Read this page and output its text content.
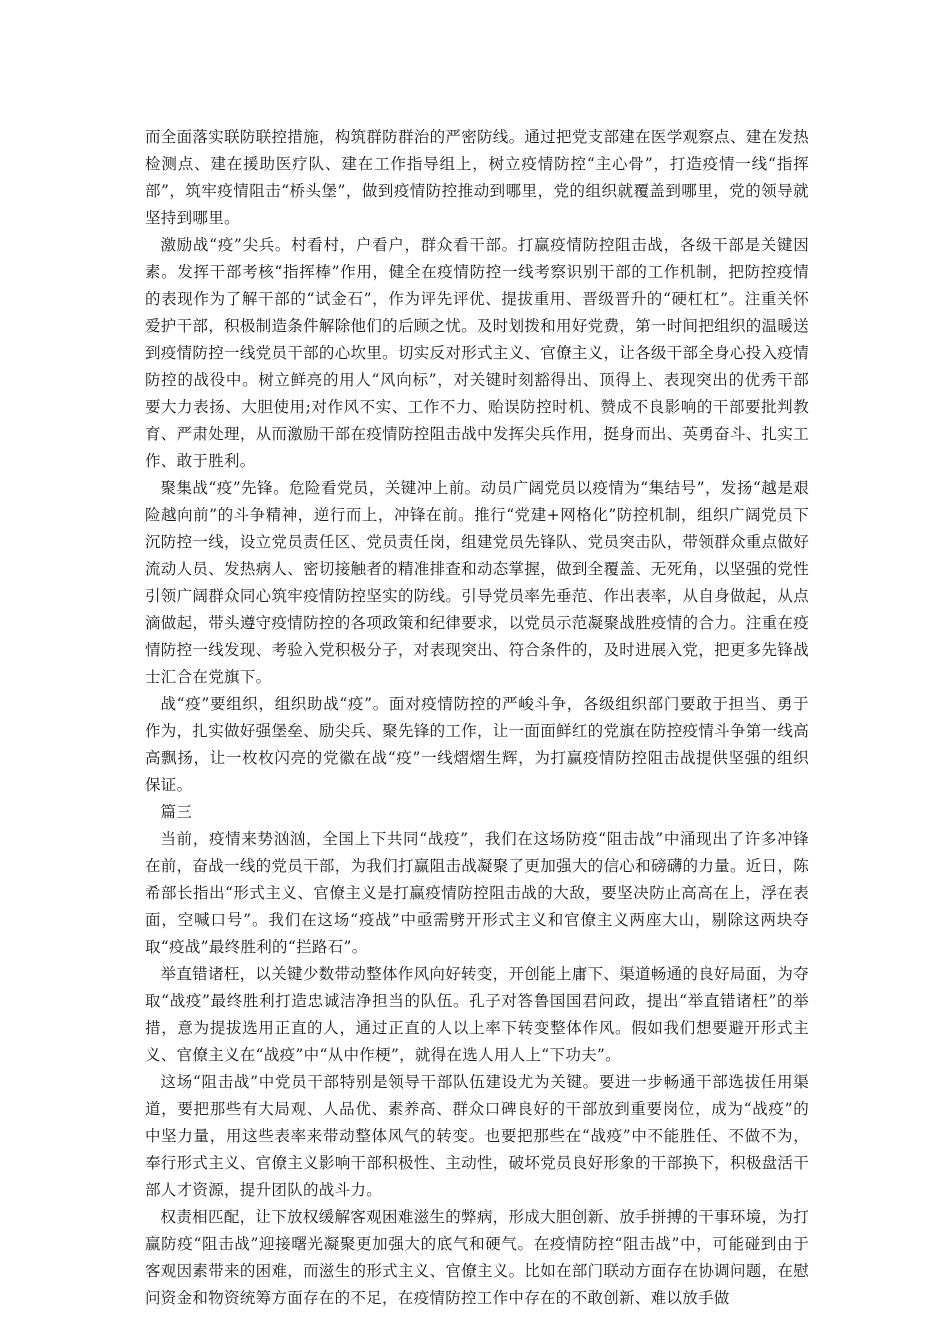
而全面落实联防联控措施，构筑群防群治的严密防线。通过把党支部建在医学观察点、建在发热检测点、建在援助医疗队、建在工作指导组上，树立疫情防控“主心骨”，打造疫情一线“指挥部”，筑牢疫情阻击“桥头堡”，做到疫情防控推动到哪里，党的组织就覆盖到哪里，党的领导就坚持到哪里。

激励战“疫”尖兵。村看村，户看户，群众看干部。打赢疫情防控阻击战，各级干部是关键因素。发挥干部考核“指挥棒”作用，健全在疫情防控一线考察识别干部的工作机制，把防控疫情的表现作为了解干部的“试金石”，作为评先评优、提拔重用、晋级晋升的“硬杠杠”。注重关怀爱护干部，积极制造条件解除他们的后顾之忧。及时划拨和用好党费，第一时间把组织的温暖送到疫情防控一线党员干部的心坎里。切实反对形式主义、官僚主义，让各级干部全身心投入疫情防控的战役中。树立鲜亮的用人“风向标”，对关键时刻豁得出、顶得上、表现突出的优秀干部要大力表扬、大胆使用;对作风不实、工作不力、贻误防控时机、赞成不良影响的干部要批判教育、严肃处理，从而激励干部在疫情防控阻击战中发挥尖兵作用，挺身而出、英勇奋斗、扎实工作、敢于胜利。

聚集战“疫”先锋。危险看党员，关键冲上前。动员广阔党员以疫情为“集结号”，发扬“越是艰险越向前”的斗争精神，逆行而上，冲锋在前。推行“党建+网格化”防控机制，组织广阔党员下沉防控一线，设立党员责任区、党员责任岗，组建党员先锋队、党员突击队，带领群众重点做好流动人员、发热病人、密切接触者的精准排查和动态掌握，做到全覆盖、无死角，以坚强的党性引领广阔群众同心筑牢疫情防控坚实的防线。引导党员率先垂范、作出表率，从自身做起，从点滴做起，带头遵守疫情防控的各项政策和纪律要求，以党员示范凝聚战胜疫情的合力。注重在疫情防控一线发现、考验入党积极分子，对表现突出、符合条件的，及时进展入党，把更多先锋战士汇合在党旗下。

战“疫”要组织，组织助战“疫”。面对疫情防控的严峻斗争，各级组织部门要敢于担当、勇于作为，扎实做好强堡垒、励尖兵、聚先锋的工作，让一面面鲜红的党旗在防控疫情斗争第一线高高飘扬，让一枚枚闪亮的党徽在战“疫”一线熠熠生辉，为打赢疫情防控阻击战提供坚强的组织保证。

篇三

当前，疫情来势汹汹，全国上下共同“战疫”，我们在这场防疫“阻击战”中涌现出了许多冲锋在前，奋战一线的党员干部，为我们打赢阻击战凝聚了更加强大的信心和磅礴的力量。近日，陈希部长指出“形式主义、官僚主义是打赢疫情防控阻击战的大敌，要坚决防止高高在上，浮在表面，空喊口号”。我们在这场“疫战”中亟需劈开形式主义和官僚主义两座大山，剔除这两块夺取“疫战”最终胜利的“拦路石”。

举直错诸枉，以关键少数带动整体作风向好转变，开创能上庸下、渠道畅通的良好局面，为夺取“战疫”最终胜利打造忠诚洁净担当的队伍。孔子对答鲁国国君问政，提出“举直错诸枉”的举措，意为提拔选用正直的人，通过正直的人以上率下转变整体作风。假如我们想要避开形式主义、官僚主义在“战疫”中“从中作梗”，就得在选人用人上“下功夫”。

这场“阻击战”中党员干部特别是领导干部队伍建设尤为关键。要进一步畅通干部选拔任用渠道，要把那些有大局观、人品优、素养高、群众口碑良好的干部放到重要岗位，成为“战疫”的中坚力量，用这些表率来带动整体风气的转变。也要把那些在“战疫”中不能胜任、不做不为，奉行形式主义、官僚主义影响干部积极性、主动性，破坏党员良好形象的干部换下，积极盘活干部人才资源，提升团队的战斗力。

权责相匹配，让下放权缓解客观困难滋生的弊病，形成大胆创新、放手拼搏的干事环境，为打赢防疫“阻击战”迎接曙光凝聚更加强大的底气和硬气。在疫情防控“阻击战”中，可能碰到由于客观因素带来的困难，而滋生的形式主义、官僚主义。比如在部门联动方面存在协调问题，在慰问资金和物资统筹方面存在的不足，在疫情防控工作中存在的不敢创新、难以放手做
